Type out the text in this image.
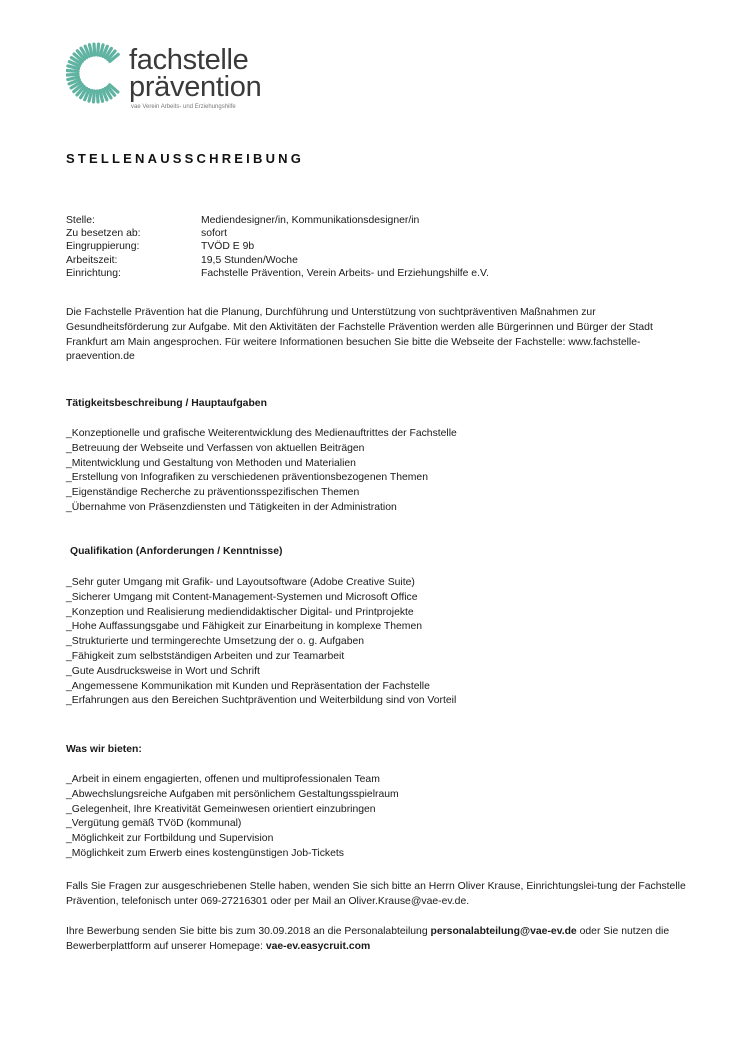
fachstelle
prävention
vae Verein Arbeits- und Erziehungshilfe
STELLENAUSSCHREIBUNG
Stelle:	Mediendesigner/in, Kommunikationsdesigner/in
Zu besetzen ab:	sofort
Eingruppierung:	TVÖD E 9b
Arbeitszeit:	19,5 Stunden/Woche
Einrichtung:	Fachstelle Prävention, Verein Arbeits- und Erziehungshilfe e.V.
Die Fachstelle Prävention hat die Planung, Durchführung und Unterstützung von suchtpräventiven Maßnahmen zur Gesundheitsförderung zur Aufgabe. Mit den Aktivitäten der Fachstelle Prävention werden alle Bürgerinnen und Bürger der Stadt Frankfurt am Main angesprochen. Für weitere Informationen besuchen Sie bitte die Webseite der Fachstelle: www.fachstelle-praevention.de
Tätigkeitsbeschreibung / Hauptaufgaben
_Konzeptionelle und grafische Weiterentwicklung des Medienauftrittes der Fachstelle
_Betreuung der Webseite und Verfassen von aktuellen Beiträgen
_Mitentwicklung und Gestaltung von Methoden und Materialien
_Erstellung von Infografiken zu verschiedenen präventionsbezogenen Themen
_Eigenständige Recherche zu präventionsspezifischen Themen
_Übernahme von Präsenzdiensten und Tätigkeiten in der Administration
Qualifikation (Anforderungen / Kenntnisse)
_Sehr guter Umgang mit Grafik- und Layoutsoftware (Adobe Creative Suite)
_Sicherer Umgang mit Content-Management-Systemen und Microsoft Office
_Konzeption und Realisierung mediendidaktischer Digital- und Printprojekte
_Hohe Auffassungsgabe und Fähigkeit zur Einarbeitung in komplexe Themen
_Strukturierte und termingerechte Umsetzung der o. g. Aufgaben
_Fähigkeit zum selbstständigen Arbeiten und zur Teamarbeit
_Gute Ausdrucksweise in Wort und Schrift
_Angemessene Kommunikation mit Kunden und Repräsentation der Fachstelle
_Erfahrungen aus den Bereichen Suchtprävention und Weiterbildung sind von Vorteil
Was wir bieten:
_Arbeit in einem engagierten, offenen und multiprofessionalen Team
_Abwechslungsreiche Aufgaben mit persönlichem Gestaltungsspielraum
_Gelegenheit, Ihre Kreativität Gemeinwesen orientiert einzubringen
_Vergütung gemäß TVöD (kommunal)
_Möglichkeit zur Fortbildung und Supervision
_Möglichkeit zum Erwerb eines kostengünstigen Job-Tickets
Falls Sie Fragen zur ausgeschriebenen Stelle haben, wenden Sie sich bitte an Herrn Oliver Krause, Einrichtungslei-tung der Fachstelle Prävention, telefonisch unter 069-27216301 oder per Mail an Oliver.Krause@vae-ev.de.
Ihre Bewerbung senden Sie bitte bis zum 30.09.2018 an die Personalabteilung personalabteilung@vae-ev.de oder Sie nutzen die Bewerberplattform auf unserer Homepage: vae-ev.easycruit.com
